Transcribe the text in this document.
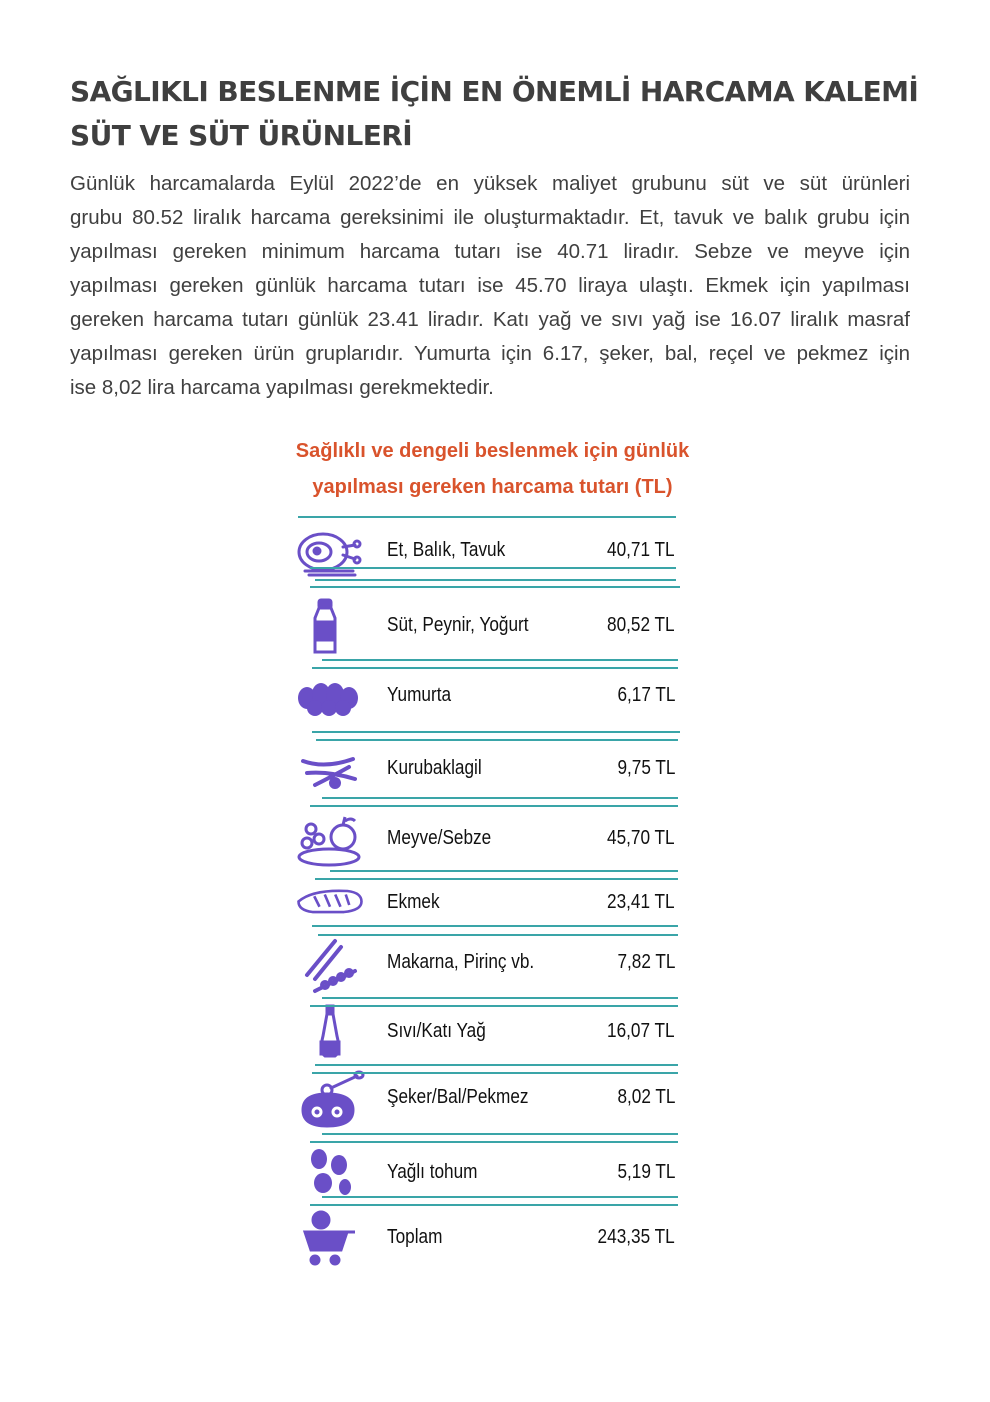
SAĞLIKLI BESLENME İÇİN EN ÖNEMLİ HARCAMA KALEMİ
SÜT VE SÜT ÜRÜNLERİ
Günlük harcamalarda Eylül 2022’de en yüksek maliyet grubunu süt ve süt ürünleri
grubu 80.52 liralık harcama gereksinimi ile oluşturmaktadır. Et, tavuk ve balık grubu için
yapılması gereken minimum harcama tutarı ise 40.71 liradır. Sebze ve meyve için
yapılması gereken günlük harcama tutarı ise 45.70 liraya ulaştı. Ekmek için yapılması
gereken harcama tutarı günlük 23.41 liradır. Katı yağ ve sıvı yağ ise 16.07 liralık masraf
yapılması gereken ürün gruplarıdır. Yumurta için 6.17, şeker, bal, reçel ve pekmez için
ise 8,02 lira harcama yapılması gerekmektedir.
Sağlıklı ve dengeli beslenmek için günlük
yapılması gereken harcama tutarı (TL)
Et, Balık, Tavuk	40,71 TL
Süt, Peynir, Yoğurt	80,52 TL
Yumurta	6,17 TL
Kurubaklagil	9,75 TL
Meyve/Sebze	45,70 TL
Ekmek	23,41 TL
Makarna, Pirinç vb.	7,82 TL
Sıvı/Katı Yağ	16,07 TL
Şeker/Bal/Pekmez	8,02 TL
Yağlı tohum	5,19 TL
Toplam	243,35 TL
